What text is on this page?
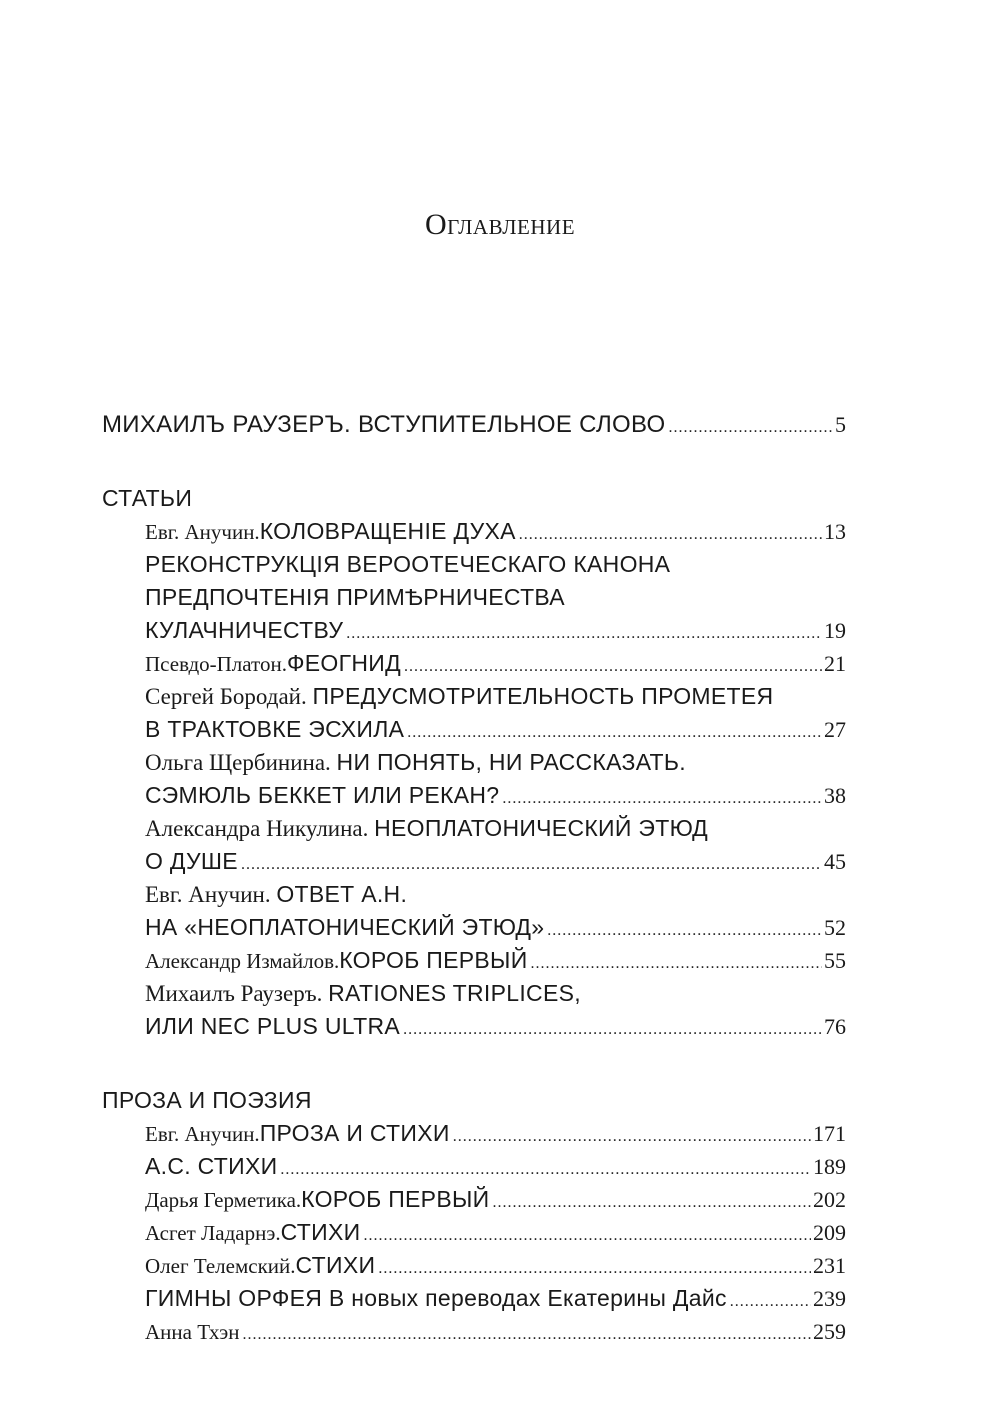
Оглавление
МИХАИЛЪ РАУЗЕРЪ. ВСТУПИТЕЛЬНОЕ СЛОВО .....	5
СТАТЬИ
Евг. Анучин. КОЛОВРАЩЕНІЕ ДУХА .....	13
РЕКОНСТРУКЦІЯ ВЕРООТЕЧЕСКАГО КАНОНА
ПРЕДПОЧТЕНІЯ ПРИМѢРНИЧЕСТВА
КУЛАЧНИЧЕСТВУ .....	19
Псевдо-Платон. ФЕОГНИД .....	21
Сергей Бородай. ПРЕДУСМОТРИТЕЛЬНОСТЬ ПРОМЕТЕЯ
В ТРАКТОВКЕ ЭСХИЛА .....	27
Ольга Щербинина. НИ ПОНЯТЬ, НИ РАССКАЗАТЬ.
СЭМЮЛЬ БЕККЕТ ИЛИ РЕКАН? .....	38
Александра Никулина. НЕОПЛАТОНИЧЕСКИЙ ЭТЮД
О ДУШЕ .....	45
Евг. Анучин. ОТВЕТ А.Н.
НА «НЕОПЛАТОНИЧЕСКИЙ ЭТЮД» .....	52
Александр Измайлов. КОРОБ ПЕРВЫЙ .....	55
Михаилъ Раузеръ. RATIONES TRIPLICES,
ИЛИ NEC PLUS ULTRA .....	76
ПРОЗА И ПОЭЗИЯ
Евг. Анучин. ПРОЗА И СТИХИ .....	171
А.С. СТИХИ .....	189
Дарья Герметика. КОРОБ ПЕРВЫЙ .....	202
Асгет Ладарнэ. СТИХИ .....	209
Олег Телемский. СТИХИ .....	231
ГИМНЫ ОРФЕЯ В новых переводах Екатерины Дайс .....	239
Анна Тхэн .....	259
